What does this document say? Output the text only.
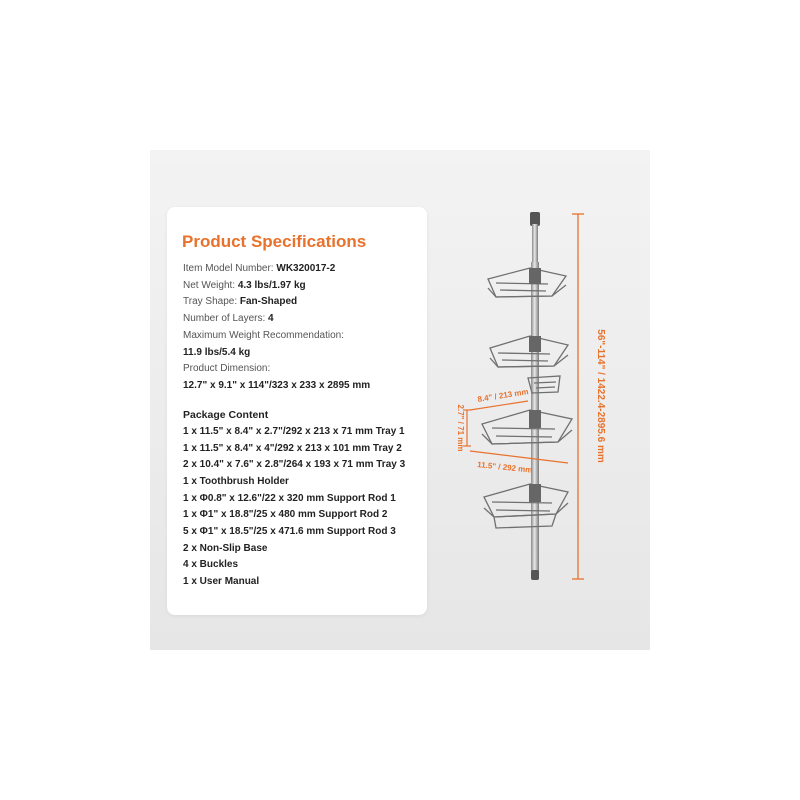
Product Specifications
Item Model Number: WK320017-2
Net Weight: 4.3 lbs/1.97 kg
Tray Shape: Fan-Shaped
Number of Layers: 4
Maximum Weight Recommendation:
11.9 lbs/5.4 kg
Product Dimension:
12.7" x 9.1" x 114"/323 x 233 x 2895 mm
Package Content
1 x 11.5" x 8.4" x 2.7"/292 x 213 x 71 mm Tray 1
1 x 11.5" x 8.4" x 4"/292 x 213 x 101 mm Tray 2
2 x 10.4" x 7.6" x 2.8"/264 x 193 x 71 mm Tray 3
1 x Toothbrush Holder
1 x Φ0.8" x 12.6"/22 x 320 mm Support Rod 1
1 x Φ1" x 18.8"/25 x 480 mm Support Rod 2
5 x Φ1" x 18.5"/25 x 471.6 mm Support Rod 3
2 x Non-Slip Base
4 x Buckles
1 x User Manual
56"-114" / 1422.4-2895.6 mm
8.4" / 213 mm
2.7" / 71 mm
11.5" / 292 mm
